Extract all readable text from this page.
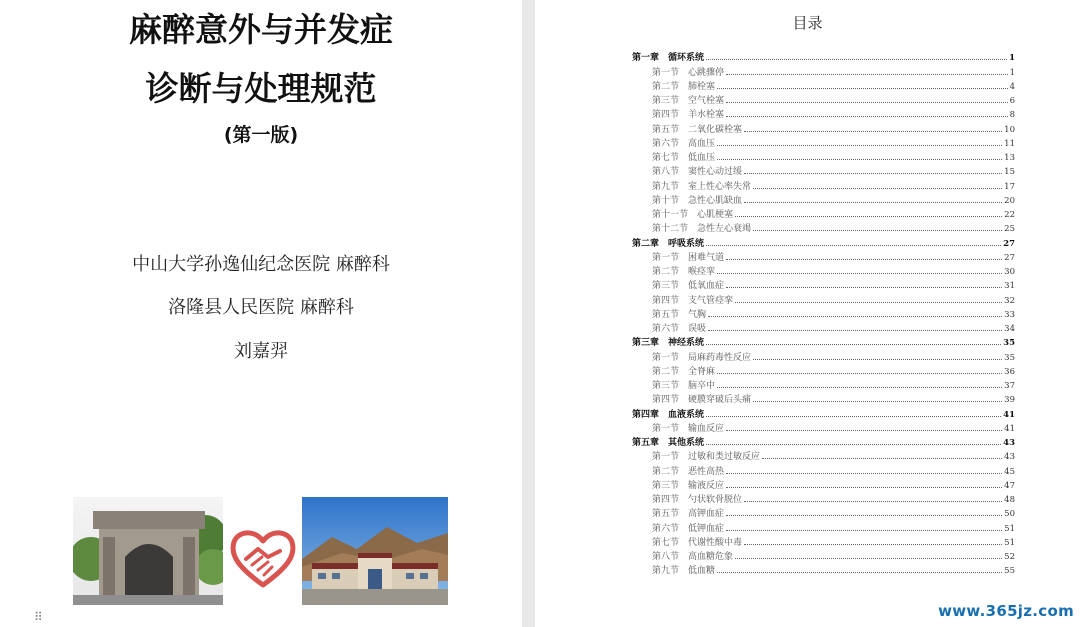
麻醉意外与并发症
诊断与处理规范
(第一版)
中山大学孙逸仙纪念医院 麻醉科
洛隆县人民医院 麻醉科
刘嘉羿
⠿
目录
第一章 循环系统	1
第一节 心跳骤停	1
第二节 肺栓塞	4
第三节 空气栓塞	6
第四节 羊水栓塞	8
第五节 二氧化碳栓塞	10
第六节 高血压	11
第七节 低血压	13
第八节 窦性心动过缓	15
第九节 室上性心率失常	17
第十节 急性心肌缺血	20
第十一节 心肌梗塞	22
第十二节 急性左心衰竭	25
第二章 呼吸系统	27
第一节 困难气道	27
第二节 喉痉挛	30
第三节 低氧血症	31
第四节 支气管痉挛	32
第五节 气胸	33
第六节 误吸	34
第三章 神经系统	35
第一节 局麻药毒性反应	35
第二节 全脊麻	36
第三节 脑卒中	37
第四节 硬膜穿破后头痛	39
第四章 血液系统	41
第一节 输血反应	41
第五章 其他系统	43
第一节 过敏和类过敏反应	43
第二节 恶性高热	45
第三节 输液反应	47
第四节 勺状软骨脱位	48
第五节 高钾血症	50
第六节 低钾血症	51
第七节 代谢性酸中毒	51
第八节 高血糖危象	52
第九节 低血糖	55
www.365jz.com
